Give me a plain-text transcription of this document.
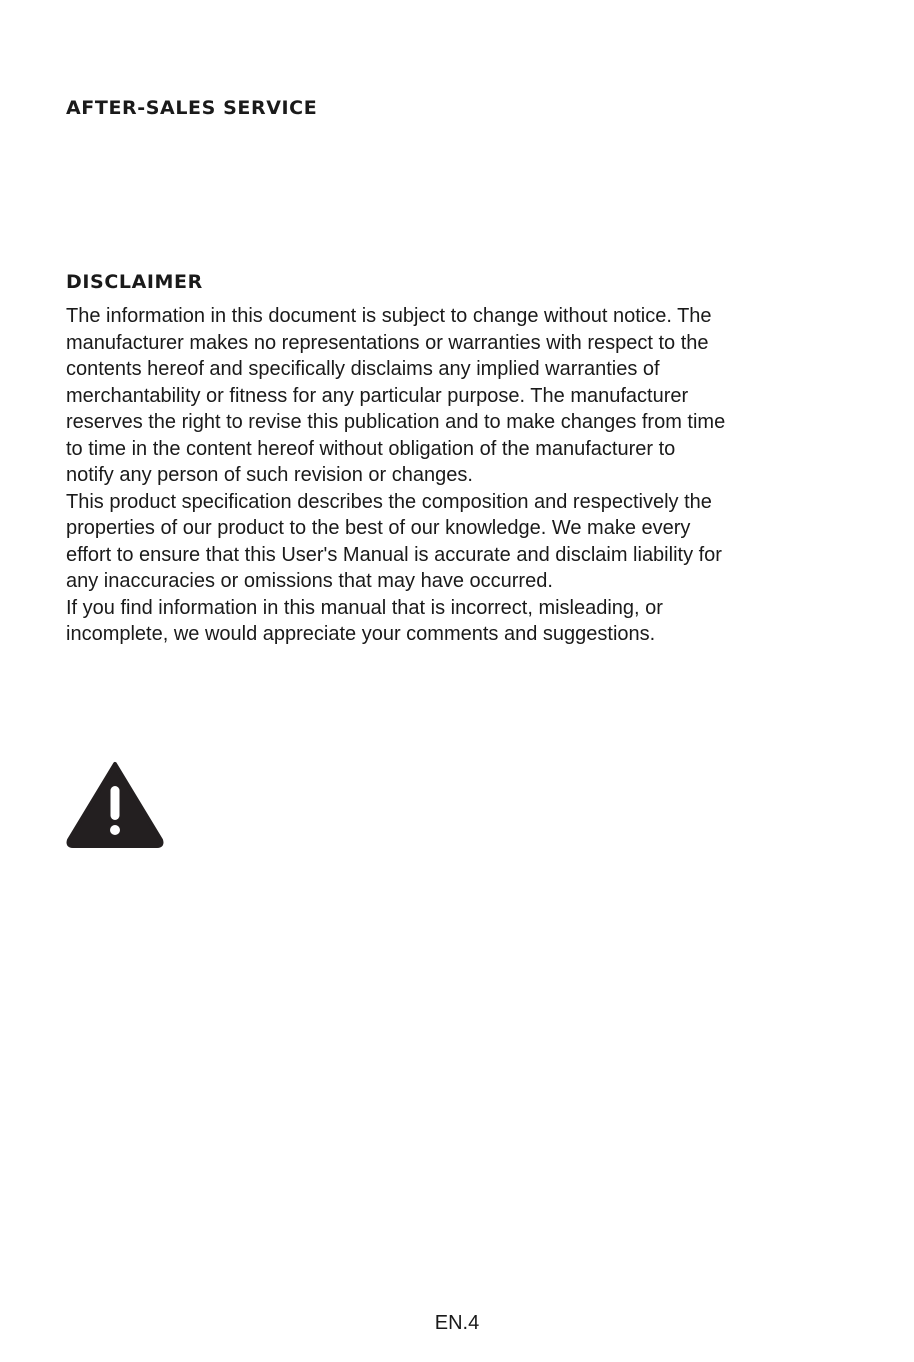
AFTER-SALES SERVICE
DISCLAIMER
The information in this document is subject to change without notice. The
manufacturer makes no representations or warranties with respect to the
contents hereof and specifically disclaims any implied warranties of
merchantability or fitness for any particular purpose. The manufacturer
reserves the right to revise this publication and to make changes from time
to time in the content hereof without obligation of the manufacturer to
notify any person of such revision or changes.
This product specification describes the composition and respectively the
properties of our product to the best of our knowledge. We make every
effort to ensure that this User's Manual is accurate and disclaim liability for
any inaccuracies or omissions that may have occurred.
If you find information in this manual that is incorrect, misleading, or
incomplete, we would appreciate your comments and suggestions.

EN.4
